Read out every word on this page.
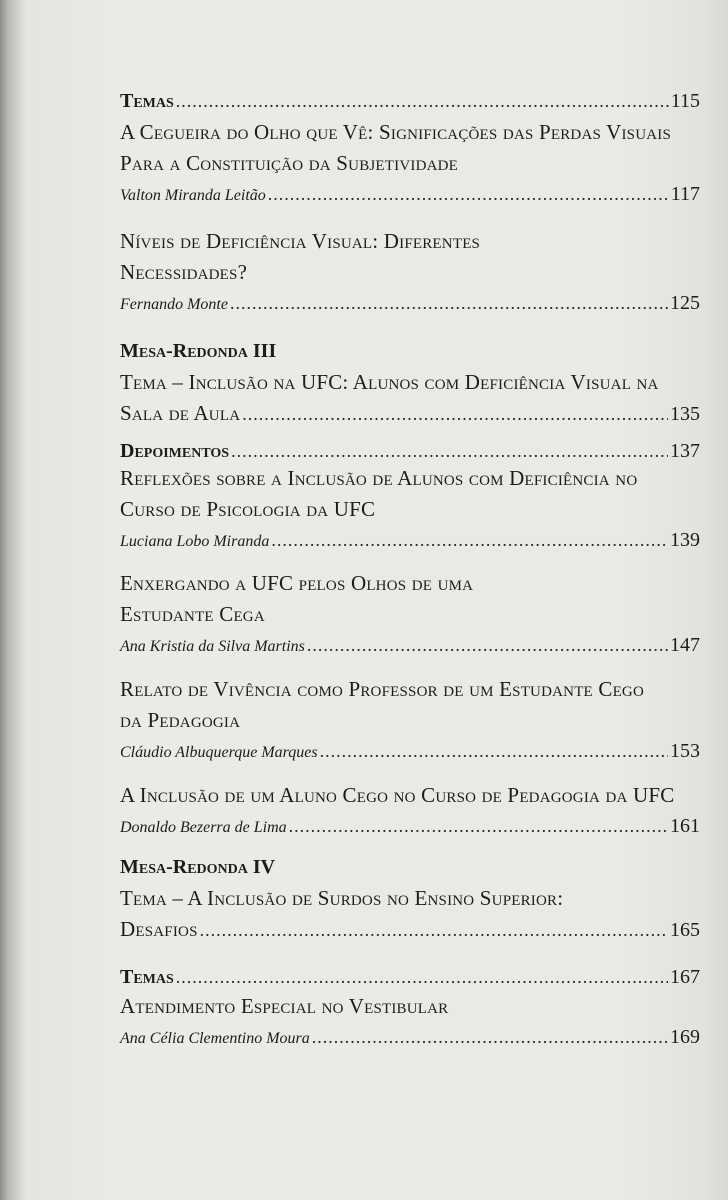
Temas .....	115
A Cegueira do Olho que Vê: Significações das Perdas Visuais
Para a Constituição da Subjetividade
Valton Miranda Leitão .....	117
Níveis de Deficiência Visual: Diferentes
Necessidades?
Fernando Monte .....	125
Mesa-Redonda III
Tema – Inclusão na UFC: Alunos com Deficiência Visual na
Sala de Aula .....	135
Depoimentos .....	137
Reflexões sobre a Inclusão de Alunos com Deficiência no
Curso de Psicologia da UFC
Luciana Lobo Miranda .....	139
Enxergando a UFC pelos Olhos de uma
Estudante Cega
Ana Kristia da Silva Martins .....	147
Relato de Vivência como Professor de um Estudante Cego
da Pedagogia
Cláudio Albuquerque Marques .....	153
A Inclusão de um Aluno Cego no Curso de Pedagogia da UFC
Donaldo Bezerra de Lima .....	161
Mesa-Redonda IV
Tema – A Inclusão de Surdos no Ensino Superior:
Desafios .....	165
Temas .....	167
Atendimento Especial no Vestibular
Ana Célia Clementino Moura .....	169
